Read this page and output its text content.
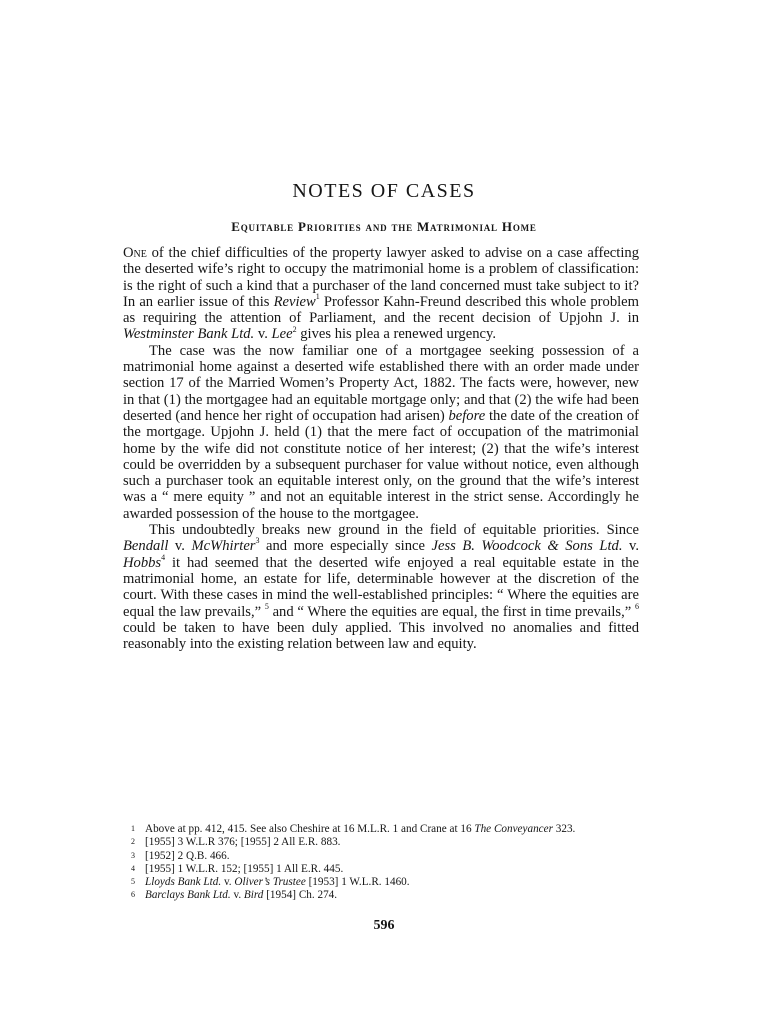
NOTES OF CASES
Equitable Priorities and the Matrimonial Home

One of the chief difficulties of the property lawyer asked to advise on a case affecting the deserted wife’s right to occupy the matrimonial home is a problem of classification: is the right of such a kind that a purchaser of the land concerned must take subject to it? In an earlier issue of this Review$^1$ Professor Kahn-Freund described this whole problem as requiring the attention of Parliament, and the recent decision of Upjohn J. in Westminster Bank Ltd. v. Lee$^2$ gives his plea a renewed urgency.

The case was the now familiar one of a mortgagee seeking possession of a matrimonial home against a deserted wife established there with an order made under section 17 of the Married Women’s Property Act, 1882. The facts were, however, new in that (1) the mortgagee had an equitable mortgage only; and that (2) the wife had been deserted (and hence her right of occupation had arisen) before the date of the creation of the mortgage. Upjohn J. held (1) that the mere fact of occupation of the matrimonial home by the wife did not constitute notice of her interest; (2) that the wife’s interest could be overridden by a subsequent purchaser for value without notice, even although such a purchaser took an equitable interest only, on the ground that the wife’s interest was a “ mere equity ” and not an equitable interest in the strict sense. Accordingly he awarded possession of the house to the mortgagee.

This undoubtedly breaks new ground in the field of equitable priorities. Since Bendall v. McWhirter$^3$ and more especially since Jess B. Woodcock & Sons Ltd. v. Hobbs$^4$ it had seemed that the deserted wife enjoyed a real equitable estate in the matrimonial home, an estate for life, determinable however at the discretion of the court. With these cases in mind the well-established principles: “ Where the equities are equal the law prevails,” $^5$ and “ Where the equities are equal, the first in time prevails,” $^6$ could be taken to have been duly applied. This involved no anomalies and fitted reasonably into the existing relation between law and equity.

1 Above at pp. 412, 415. See also Cheshire at 16 M.L.R. 1 and Crane at 16 The Conveyancer 323.
2 [1955] 3 W.L.R 376; [1955] 2 All E.R. 883.
3 [1952] 2 Q.B. 466.
4 [1955] 1 W.L.R. 152; [1955] 1 All E.R. 445.
5 Lloyds Bank Ltd. v. Oliver’s Trustee [1953] 1 W.L.R. 1460.
6 Barclays Bank Ltd. v. Bird [1954] Ch. 274.
596
